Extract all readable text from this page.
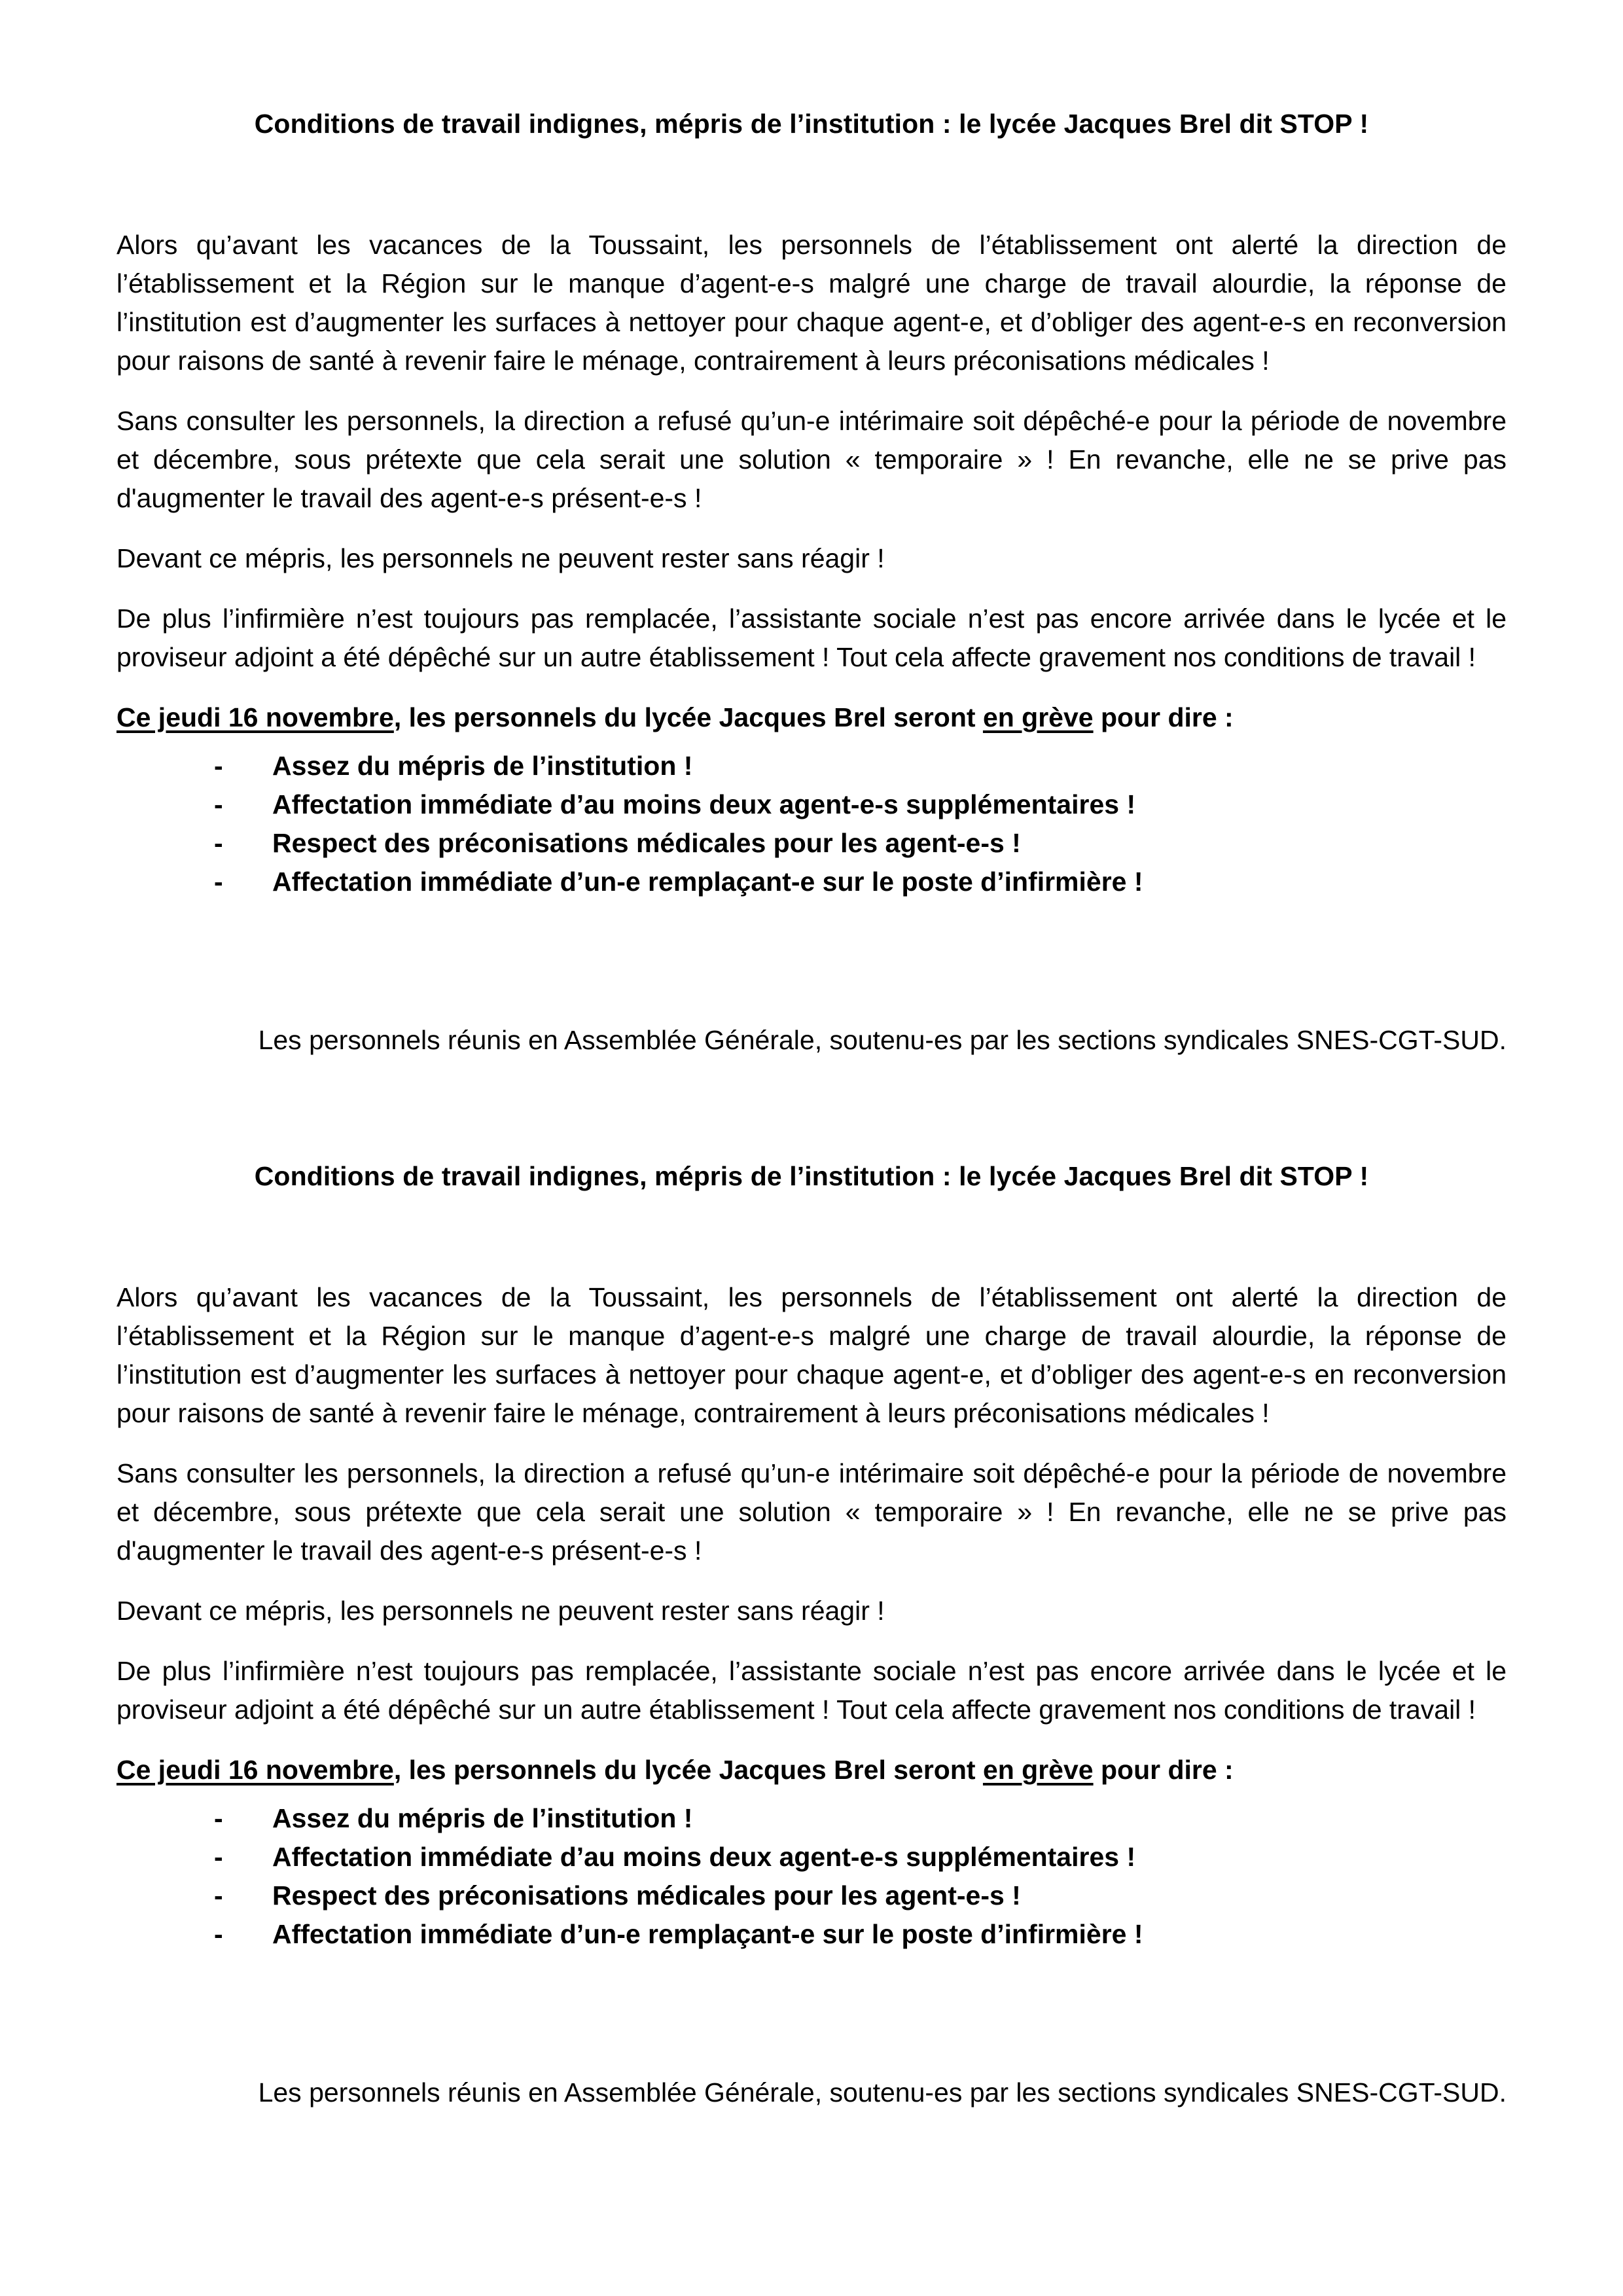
Conditions de travail indignes, mépris de l’institution : le lycée Jacques Brel dit STOP !

Alors qu’avant les vacances de la Toussaint, les personnels de l’établissement ont alerté la direction de l’établissement et la Région sur le manque d’agent-e-s malgré une charge de travail alourdie, la réponse de l’institution est d’augmenter les surfaces à nettoyer pour chaque agent-e, et d’obliger des agent-e-s en reconversion pour raisons de santé à revenir faire le ménage, contrairement à leurs préconisations médicales !

Sans consulter les personnels, la direction a refusé qu’un-e intérimaire soit dépêché-e pour la période de novembre et décembre, sous prétexte que cela serait une solution « temporaire » ! En revanche, elle ne se prive pas d'augmenter le travail des agent-e-s présent-e-s !

Devant ce mépris, les personnels ne peuvent rester sans réagir !

De plus l’infirmière n’est toujours pas remplacée, l’assistante sociale n’est pas encore arrivée dans le lycée et le proviseur adjoint a été dépêché sur un autre établissement ! Tout cela affecte gravement nos conditions de travail !

Ce jeudi 16 novembre, les personnels du lycée Jacques Brel seront en grève pour dire :

- Assez du mépris de l’institution !
- Affectation immédiate d’au moins deux agent-e-s supplémentaires !
- Respect des préconisations médicales pour les agent-e-s !
- Affectation immédiate d’un-e remplaçant-e sur le poste d’infirmière !
Les personnels réunis en Assemblée Générale, soutenu-es par les sections syndicales SNES-CGT-SUD.
Conditions de travail indignes, mépris de l’institution : le lycée Jacques Brel dit STOP !

Alors qu’avant les vacances de la Toussaint, les personnels de l’établissement ont alerté la direction de l’établissement et la Région sur le manque d’agent-e-s malgré une charge de travail alourdie, la réponse de l’institution est d’augmenter les surfaces à nettoyer pour chaque agent-e, et d’obliger des agent-e-s en reconversion pour raisons de santé à revenir faire le ménage, contrairement à leurs préconisations médicales !

Sans consulter les personnels, la direction a refusé qu’un-e intérimaire soit dépêché-e pour la période de novembre et décembre, sous prétexte que cela serait une solution « temporaire » ! En revanche, elle ne se prive pas d'augmenter le travail des agent-e-s présent-e-s !

Devant ce mépris, les personnels ne peuvent rester sans réagir !

De plus l’infirmière n’est toujours pas remplacée, l’assistante sociale n’est pas encore arrivée dans le lycée et le proviseur adjoint a été dépêché sur un autre établissement ! Tout cela affecte gravement nos conditions de travail !

Ce jeudi 16 novembre, les personnels du lycée Jacques Brel seront en grève pour dire :

- Assez du mépris de l’institution !
- Affectation immédiate d’au moins deux agent-e-s supplémentaires !
- Respect des préconisations médicales pour les agent-e-s !
- Affectation immédiate d’un-e remplaçant-e sur le poste d’infirmière !
Les personnels réunis en Assemblée Générale, soutenu-es par les sections syndicales SNES-CGT-SUD.
